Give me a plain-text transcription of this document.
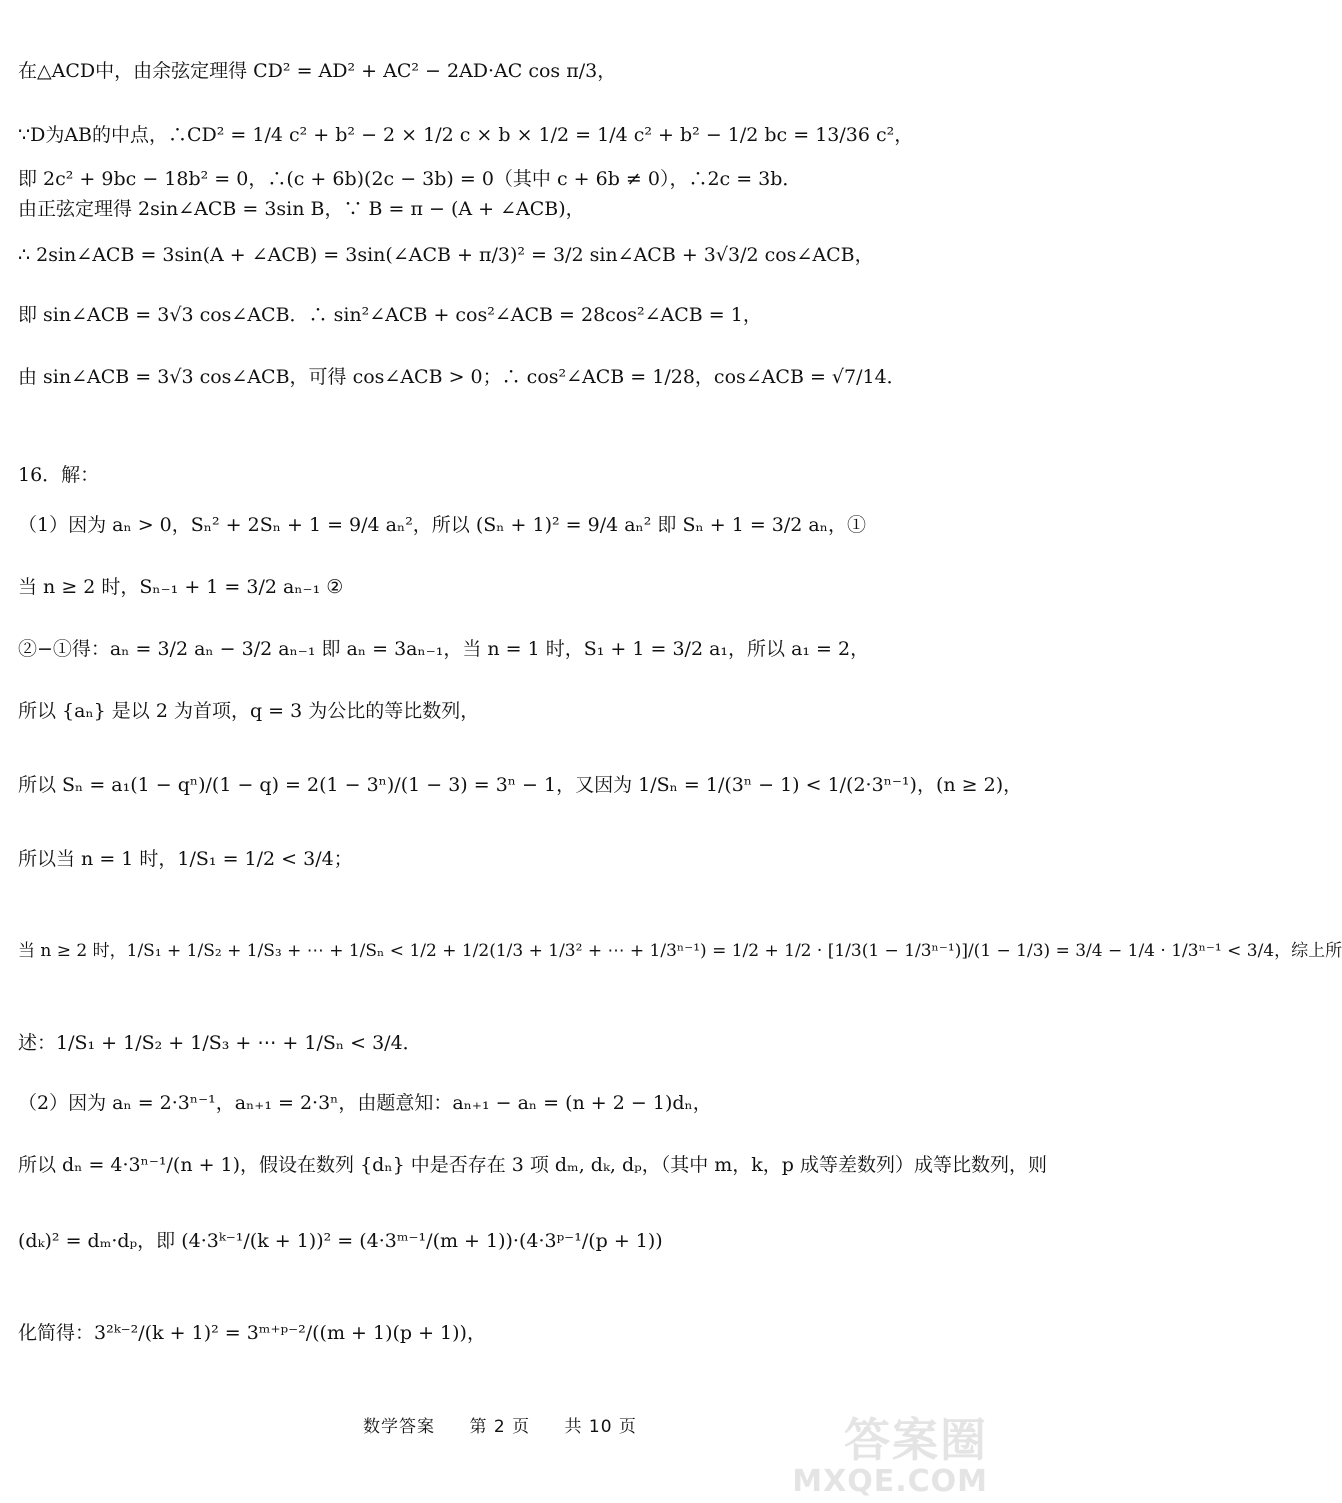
在△ACD中，由余弦定理得 CD² = AD² + AC² − 2AD·AC cos π/3，
∵D为AB的中点，∴CD² = 1/4 c² + b² − 2 × 1/2 c × b × 1/2 = 1/4 c² + b² − 1/2 bc = 13/36 c²，
即 2c² + 9bc − 18b² = 0，∴(c + 6b)(2c − 3b) = 0（其中 c + 6b ≠ 0），∴2c = 3b．
由正弦定理得 2sin∠ACB = 3sin B，∵ B = π − (A + ∠ACB)，
∴ 2sin∠ACB = 3sin(A + ∠ACB) = 3sin(∠ACB + π/3)² = 3/2 sin∠ACB + 3√3/2 cos∠ACB，
即 sin∠ACB = 3√3 cos∠ACB．∴ sin²∠ACB + cos²∠ACB = 28cos²∠ACB = 1，
由 sin∠ACB = 3√3 cos∠ACB，可得 cos∠ACB > 0；∴ cos²∠ACB = 1/28，cos∠ACB = √7/14．
16．解：
（1）因为 aₙ > 0，Sₙ² + 2Sₙ + 1 = 9/4 aₙ²，所以 (Sₙ + 1)² = 9/4 aₙ² 即 Sₙ + 1 = 3/2 aₙ，①
当 n ≥ 2 时，Sₙ₋₁ + 1 = 3/2 aₙ₋₁ ②
②−①得：aₙ = 3/2 aₙ − 3/2 aₙ₋₁ 即 aₙ = 3aₙ₋₁，当 n = 1 时，S₁ + 1 = 3/2 a₁，所以 a₁ = 2，
所以 {aₙ} 是以 2 为首项，q = 3 为公比的等比数列，
所以 Sₙ = a₁(1 − qⁿ)/(1 − q) = 2(1 − 3ⁿ)/(1 − 3) = 3ⁿ − 1，又因为 1/Sₙ = 1/(3ⁿ − 1) < 1/(2·3ⁿ⁻¹)，(n ≥ 2)，
所以当 n = 1 时，1/S₁ = 1/2 < 3/4；
当 n ≥ 2 时，1/S₁ + 1/S₂ + 1/S₃ + ⋯ + 1/Sₙ < 1/2 + 1/2(1/3 + 1/3² + ⋯ + 1/3ⁿ⁻¹) = 1/2 + 1/2 · [1/3(1 − 1/3ⁿ⁻¹)]/(1 − 1/3) = 3/4 − 1/4 · 1/3ⁿ⁻¹ < 3/4，综上所
述：1/S₁ + 1/S₂ + 1/S₃ + ⋯ + 1/Sₙ < 3/4．
（2）因为 aₙ = 2·3ⁿ⁻¹，aₙ₊₁ = 2·3ⁿ，由题意知：aₙ₊₁ − aₙ = (n + 2 − 1)dₙ，
所以 dₙ = 4·3ⁿ⁻¹/(n + 1)，假设在数列 {dₙ} 中是否存在 3 项 dₘ, dₖ, dₚ，（其中 m，k，p 成等差数列）成等比数列，则
(dₖ)² = dₘ·dₚ，即 (4·3ᵏ⁻¹/(k + 1))² = (4·3ᵐ⁻¹/(m + 1))·(4·3ᵖ⁻¹/(p + 1))
化简得：3²ᵏ⁻²/(k + 1)² = 3ᵐ⁺ᵖ⁻²/((m + 1)(p + 1))，
数学答案 第 2 页 共 10 页	答案圈
MXQE.COM
